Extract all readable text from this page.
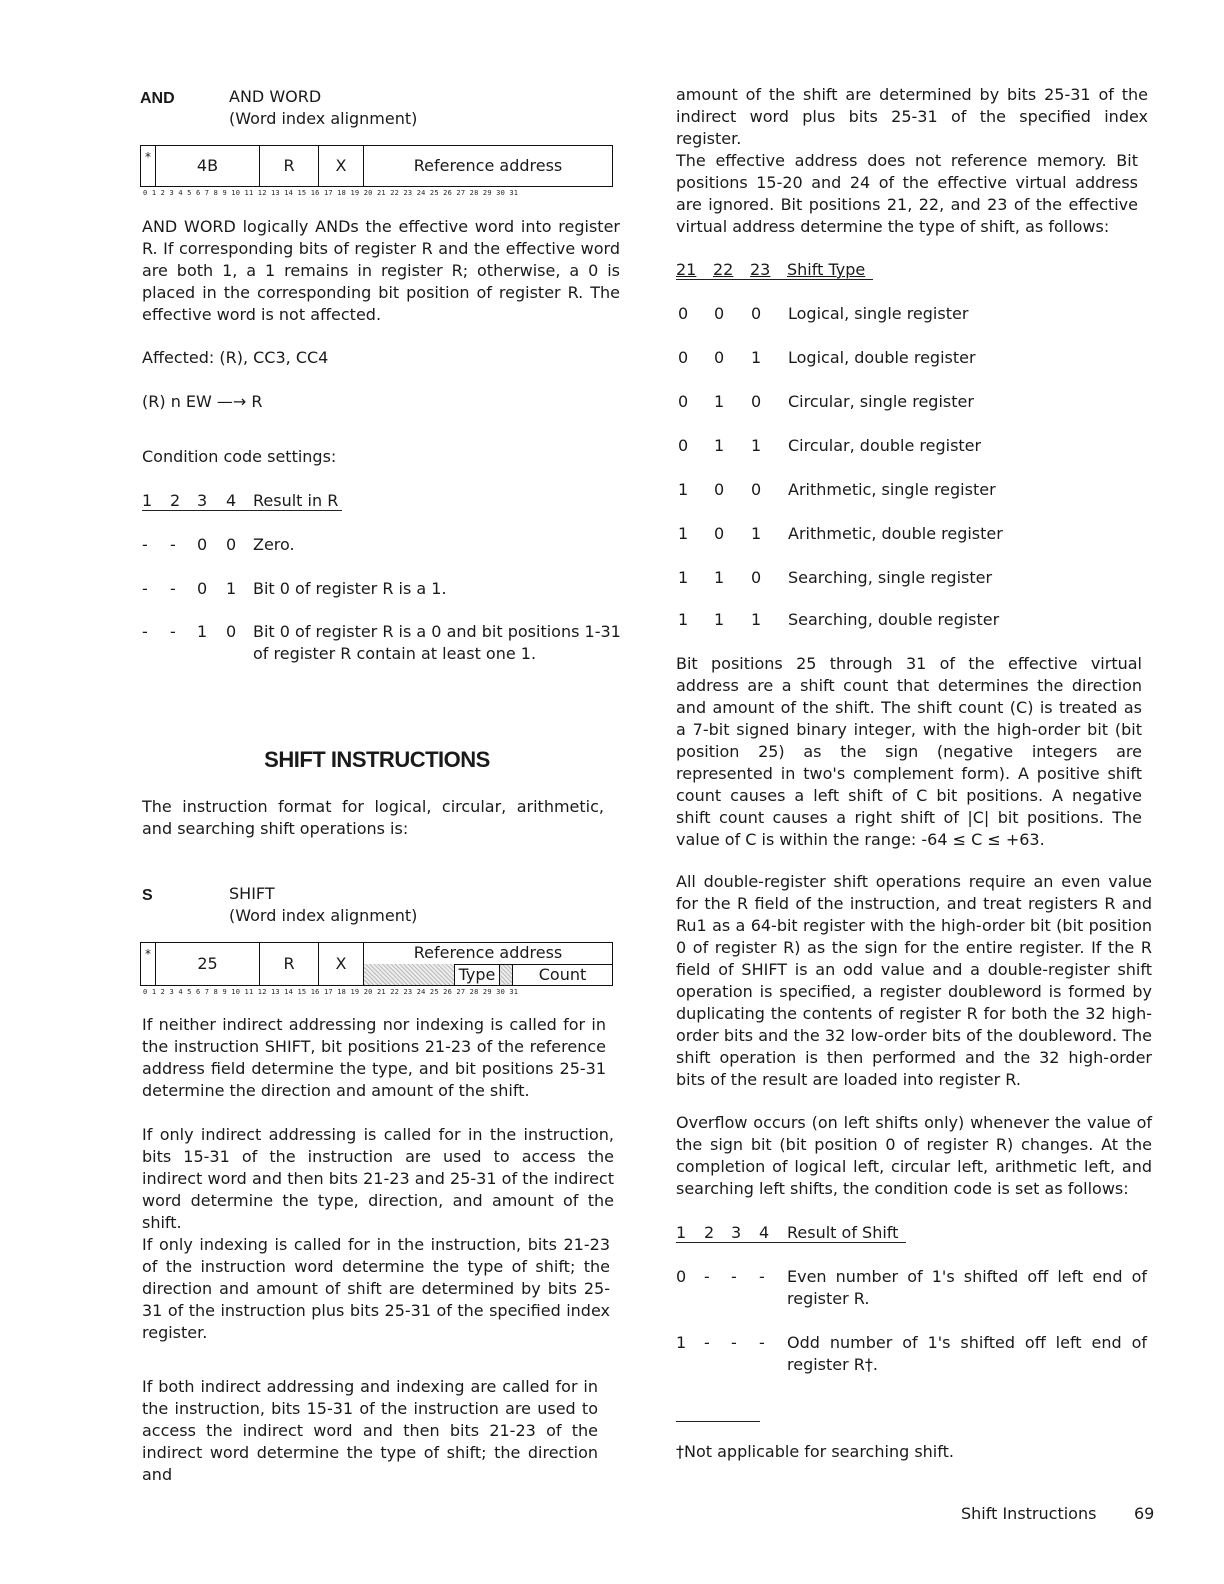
AND	AND WORD
(Word index alignment)
*	4B	R	X	Reference address
0 1 2 3 4 5 6 7 8 9 10 11 12 13 14 15 16 17 18 19 20 21 22 23 24 25 26 27 28 29 30 31

AND WORD logically ANDs the effective word into register R. If corresponding bits of register R and the effective word are both 1, a 1 remains in register R; otherwise, a 0 is placed in the corresponding bit position of register R. The effective word is not affected.

Affected: (R), CC3, CC4

(R) n EW —→ R

Condition code settings:

1 2 3 4 Result in R
- - 0 0 Zero.
- - 0 1 Bit 0 of register R is a 1.
- - 1 0 Bit 0 of register R is a 0 and bit positions 1-31 of register R contain at least one 1.
SHIFT INSTRUCTIONS

The instruction format for logical, circular, arithmetic, and searching shift operations is:

S	SHIFT
(Word index alignment)
*	25	R	X	Reference address			
					Type		Count
0 1 2 3 4 5 6 7 8 9 10 11 12 13 14 15 16 17 18 19 20 21 22 23 24 25 26 27 28 29 30 31

If neither indirect addressing nor indexing is called for in the instruction SHIFT, bit positions 21-23 of the reference address field determine the type, and bit positions 25-31 determine the direction and amount of the shift.

If only indirect addressing is called for in the instruction, bits 15-31 of the instruction are used to access the indirect word and then bits 21-23 and 25-31 of the indirect word determine the type, direction, and amount of the shift.

If only indexing is called for in the instruction, bits 21-23 of the instruction word determine the type of shift; the direction and amount of shift are determined by bits 25-31 of the instruction plus bits 25-31 of the specified index register.

If both indirect addressing and indexing are called for in the instruction, bits 15-31 of the instruction are used to access the indirect word and then bits 21-23 of the indirect word determine the type of shift; the direction and

amount of the shift are determined by bits 25-31 of the indirect word plus bits 25-31 of the specified index register.

The effective address does not reference memory. Bit positions 15-20 and 24 of the effective virtual address are ignored. Bit positions 21, 22, and 23 of the effective virtual address determine the type of shift, as follows:

21 22 23 Shift Type
0 0 0 Logical, single register
0 0 1 Logical, double register
0 1 0 Circular, single register
0 1 1 Circular, double register
1 0 0 Arithmetic, single register
1 0 1 Arithmetic, double register
1 1 0 Searching, single register
1 1 1 Searching, double register

Bit positions 25 through 31 of the effective virtual address are a shift count that determines the direction and amount of the shift. The shift count (C) is treated as a 7-bit signed binary integer, with the high-order bit (bit position 25) as the sign (negative integers are represented in two's complement form). A positive shift count causes a left shift of C bit positions. A negative shift count causes a right shift of |C| bit positions. The value of C is within the range: -64 ≤ C ≤ +63.

All double-register shift operations require an even value for the R field of the instruction, and treat registers R and Ru1 as a 64-bit register with the high-order bit (bit position 0 of register R) as the sign for the entire register. If the R field of SHIFT is an odd value and a double-register shift operation is specified, a register doubleword is formed by duplicating the contents of register R for both the 32 high-order bits and the 32 low-order bits of the doubleword. The shift operation is then performed and the 32 high-order bits of the result are loaded into register R.

Overflow occurs (on left shifts only) whenever the value of the sign bit (bit position 0 of register R) changes. At the completion of logical left, circular left, arithmetic left, and searching left shifts, the condition code is set as follows:

1 2 3 4 Result of Shift
0 - - - Even number of 1's shifted off left end of register R.
1 - - - Odd number of 1's shifted off left end of register R†.

†Not applicable for searching shift.

Shift Instructions 69
